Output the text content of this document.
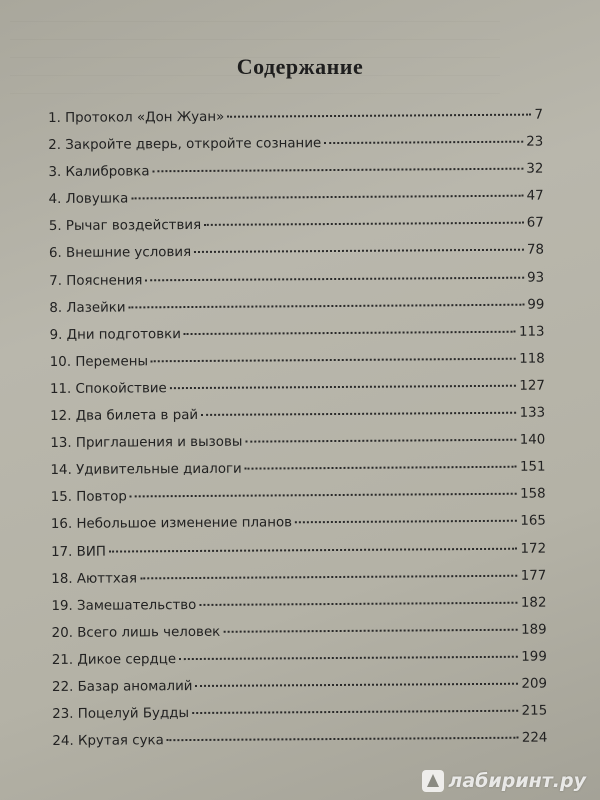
Содержание
1. Протокол «Дон Жуан»	7
2. Закройте дверь, откройте сознание	23
3. Калибровка	32
4. Ловушка	47
5. Рычаг воздействия	67
6. Внешние условия	78
7. Пояснения	93
8. Лазейки	99
9. Дни подготовки	113
10. Перемены	118
11. Спокойствие	127
12. Два билета в рай	133
13. Приглашения и вызовы	140
14. Удивительные диалоги	151
15. Повтор	158
16. Небольшое изменение планов	165
17. ВИП	172
18. Аюттхая	177
19. Замешательство	182
20. Всего лишь человек	189
21. Дикое сердце	199
22. Базар аномалий	209
23. Поцелуй Будды	215
24. Крутая сука	224
лабиринт.ру
